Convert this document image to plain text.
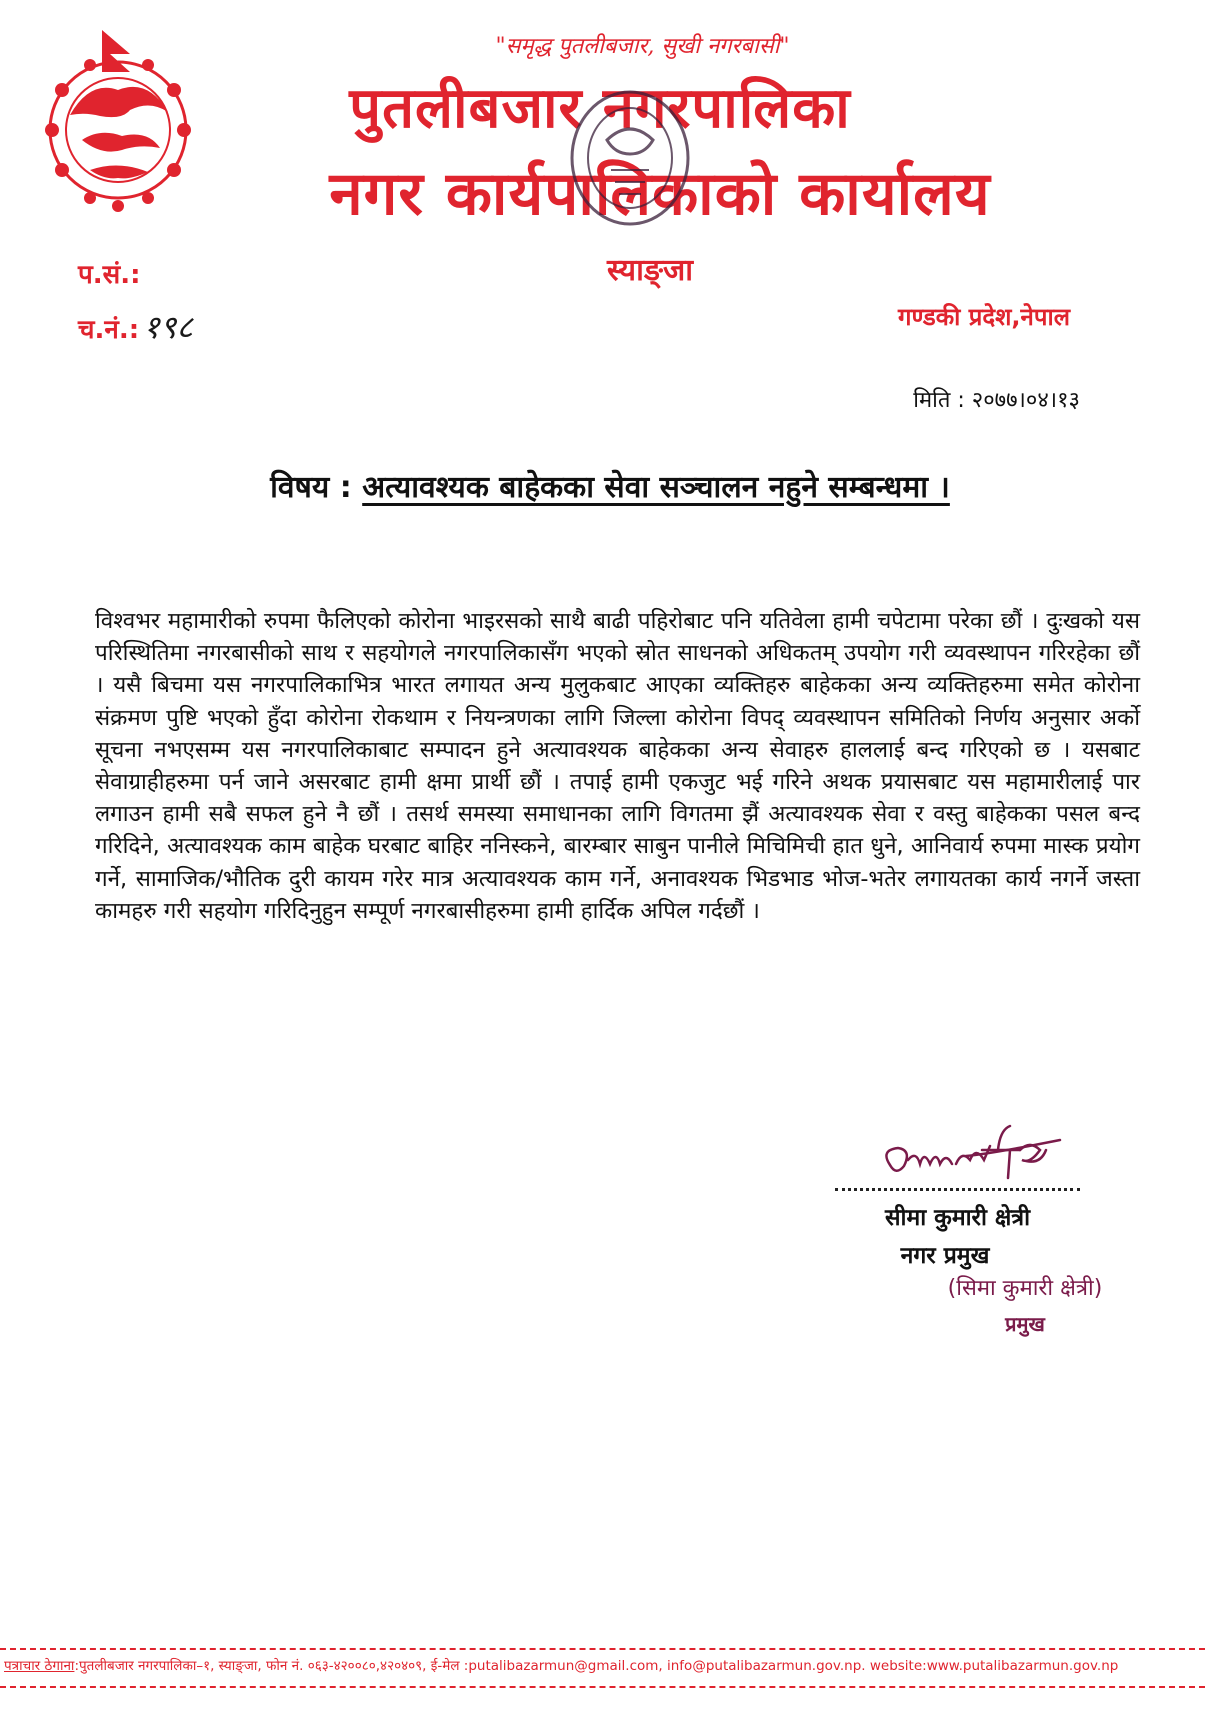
"समृद्ध पुतलीबजार, सुखी नगरबासी"
पुतलीबजार नगरपालिका
नगर कार्यपालिकाको कार्यालय
स्याङ्जा
गण्डकी प्रदेश,नेपाल
प.सं.:
च.नं.: १९८
मिति : २०७७।०४।१३
विषय : अत्यावश्यक बाहेकका सेवा सञ्चालन नहुने सम्बन्धमा ।
विश्वभर महामारीको रुपमा फैलिएको कोरोना भाइरसको साथै बाढी पहिरोबाट पनि यतिवेला हामी चपेटामा परेका छौं । दुःखको यस परिस्थितिमा नगरबासीको साथ र सहयोगले नगरपालिकासँग भएको स्रोत साधनको अधिकतम् उपयोग गरी व्यवस्थापन गरिरहेका छौं । यसै बिचमा यस नगरपालिकाभित्र भारत लगायत अन्य मुलुकबाट आएका व्यक्तिहरु बाहेकका अन्य व्यक्तिहरुमा समेत कोरोना संक्रमण पुष्टि भएको हुँदा कोरोना रोकथाम र नियन्त्रणका लागि जिल्ला कोरोना विपद् व्यवस्थापन समितिको निर्णय अनुसार अर्को सूचना नभएसम्म यस नगरपालिकाबाट सम्पादन हुने अत्यावश्यक बाहेकका अन्य सेवाहरु हाललाई बन्द गरिएको छ । यसबाट सेवाग्राहीहरुमा पर्न जाने असरबाट हामी क्षमा प्रार्थी छौं । तपाई हामी एकजुट भई गरिने अथक प्रयासबाट यस महामारीलाई पार लगाउन हामी सबै सफल हुने नै छौं । तसर्थ समस्या समाधानका लागि विगतमा झैं अत्यावश्यक सेवा र वस्तु बाहेकका पसल बन्द गरिदिने, अत्यावश्यक काम बाहेक घरबाट बाहिर ननिस्कने, बारम्बार साबुन पानीले मिचिमिची हात धुने, आनिवार्य रुपमा मास्क प्रयोग गर्ने, सामाजिक/भौतिक दुरी कायम गरेर मात्र अत्यावश्यक काम गर्ने, अनावश्यक भिडभाड भोज-भतेर लगायतका कार्य नगर्ने जस्ता कामहरु गरी सहयोग गरिदिनुहुन सम्पूर्ण नगरबासीहरुमा हामी हार्दिक अपिल गर्दछौं ।
सीमा कुमारी क्षेत्री
नगर प्रमुख
(सिमा कुमारी क्षेत्री)
प्रमुख
पत्राचार ठेगाना:पुतलीबजार नगरपालिका–१, स्याङ्जा, फोन नं. ०६३-४२००८०,४२०४०९, ई-मेल :putalibazarmun@gmail.com, info@putalibazarmun.gov.np. website:www.putalibazarmun.gov.np
